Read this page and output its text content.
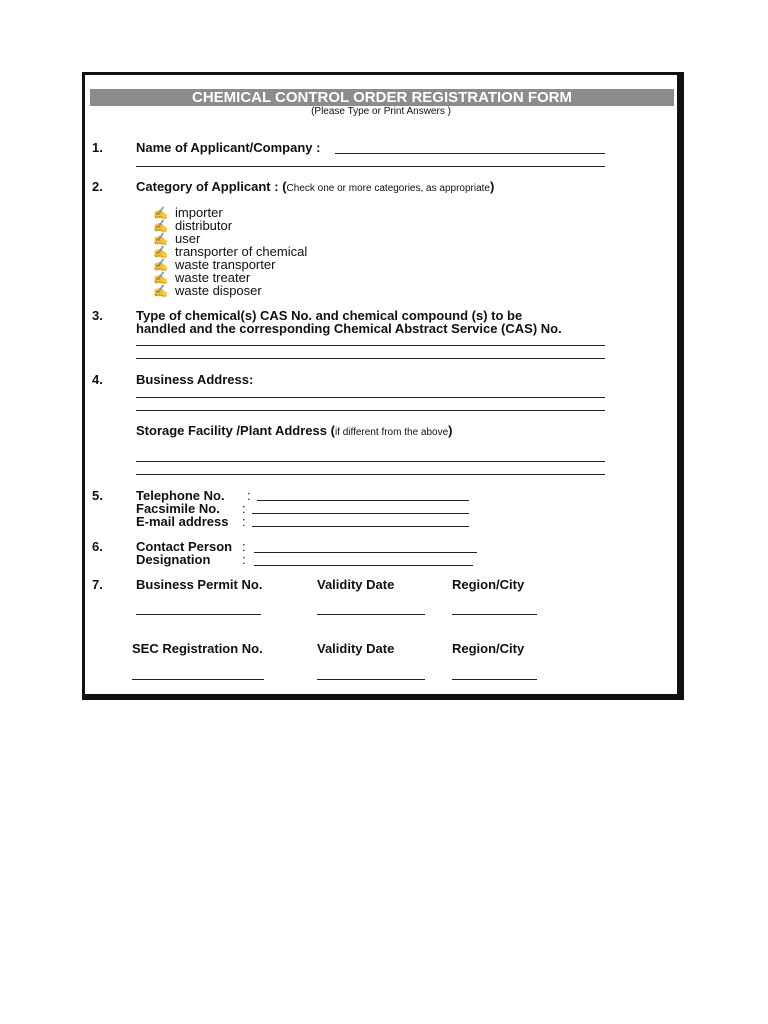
CHEMICAL CONTROL ORDER REGISTRATION FORM
(Please Type or Print Answers )
1.	Name of Applicant/Company :
2.	Category of Applicant : (Check one or more categories, as appropriate)
✍ importer
✍ distributor
✍ user
✍ transporter of chemical
✍ waste transporter
✍ waste treater
✍ waste disposer
3.	Type of chemical(s) CAS No. and chemical compound (s) to be
handled and the corresponding Chemical Abstract Service (CAS) No.
4.	Business Address:
Storage Facility /Plant Address (if different from the above)
5.	Telephone No. :
Facsimile No. :
E-mail address :
6.	Contact Person :
Designation :
7.	Business Permit No.	Validity Date	Region/City
SEC Registration No.	Validity Date	Region/City
